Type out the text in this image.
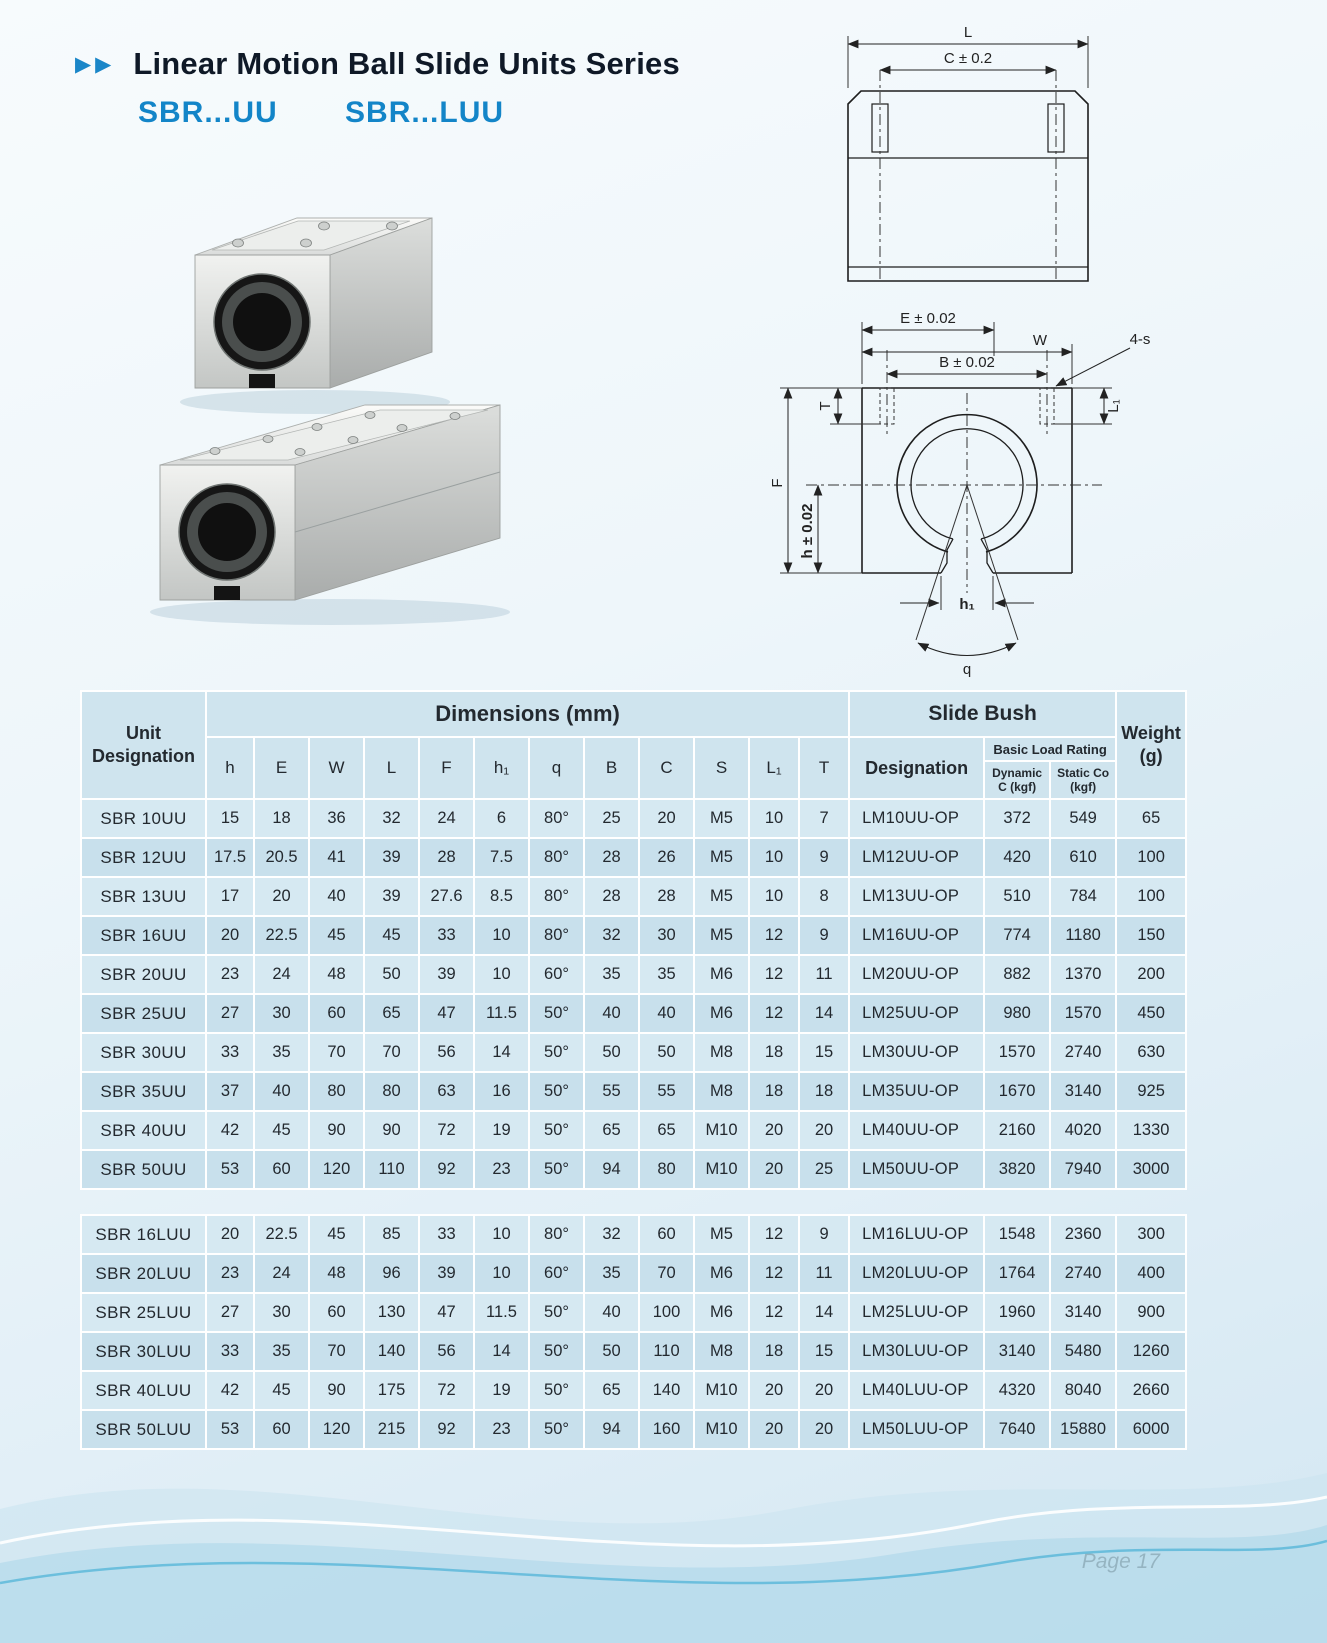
▶▶ Linear Motion Ball Slide Units Series
SBR...UU SBR...LUU
L
C ± 0.2
E ± 0.02
W
B ± 0.02
4-s
T	L₁
F
h ± 0.02
h₁
q
Unit Designation	Dimensions (mm)												Slide Bush			Weight
(g)

	h	E	W	L	F	h₁	q	B	C	S	L₁	T	Designation	Basic Load Rating		
														Dynamic C (kgf)	Static Co (kgf)	
SBR 10UU	15	18	36	32	24	6	80°	25	20	M5	10	7	LM10UU-OP	372	549	65
SBR 12UU	17.5	20.5	41	39	28	7.5	80°	28	26	M5	10	9	LM12UU-OP	420	610	100
SBR 13UU	17	20	40	39	27.6	8.5	80°	28	28	M5	10	8	LM13UU-OP	510	784	100
SBR 16UU	20	22.5	45	45	33	10	80°	32	30	M5	12	9	LM16UU-OP	774	1180	150
SBR 20UU	23	24	48	50	39	10	60°	35	35	M6	12	11	LM20UU-OP	882	1370	200
SBR 25UU	27	30	60	65	47	11.5	50°	40	40	M6	12	14	LM25UU-OP	980	1570	450
SBR 30UU	33	35	70	70	56	14	50°	50	50	M8	18	15	LM30UU-OP	1570	2740	630
SBR 35UU	37	40	80	80	63	16	50°	55	55	M8	18	18	LM35UU-OP	1670	3140	925
SBR 40UU	42	45	90	90	72	19	50°	65	65	M10	20	20	LM40UU-OP	2160	4020	1330
SBR 50UU	53	60	120	110	92	23	50°	94	80	M10	20	25	LM50UU-OP	3820	7940	3000

SBR 16LUU	20	22.5	45	85	33	10	80°	32	60	M5	12	9	LM16LUU-OP	1548	2360	300
SBR 20LUU	23	24	48	96	39	10	60°	35	70	M6	12	11	LM20LUU-OP	1764	2740	400
SBR 25LUU	27	30	60	130	47	11.5	50°	40	100	M6	12	14	LM25LUU-OP	1960	3140	900
SBR 30LUU	33	35	70	140	56	14	50°	50	110	M8	18	15	LM30LUU-OP	3140	5480	1260
SBR 40LUU	42	45	90	175	72	19	50°	65	140	M10	20	20	LM40LUU-OP	4320	8040	2660
SBR 50LUU	53	60	120	215	92	23	50°	94	160	M10	20	20	LM50LUU-OP	7640	15880	6000
